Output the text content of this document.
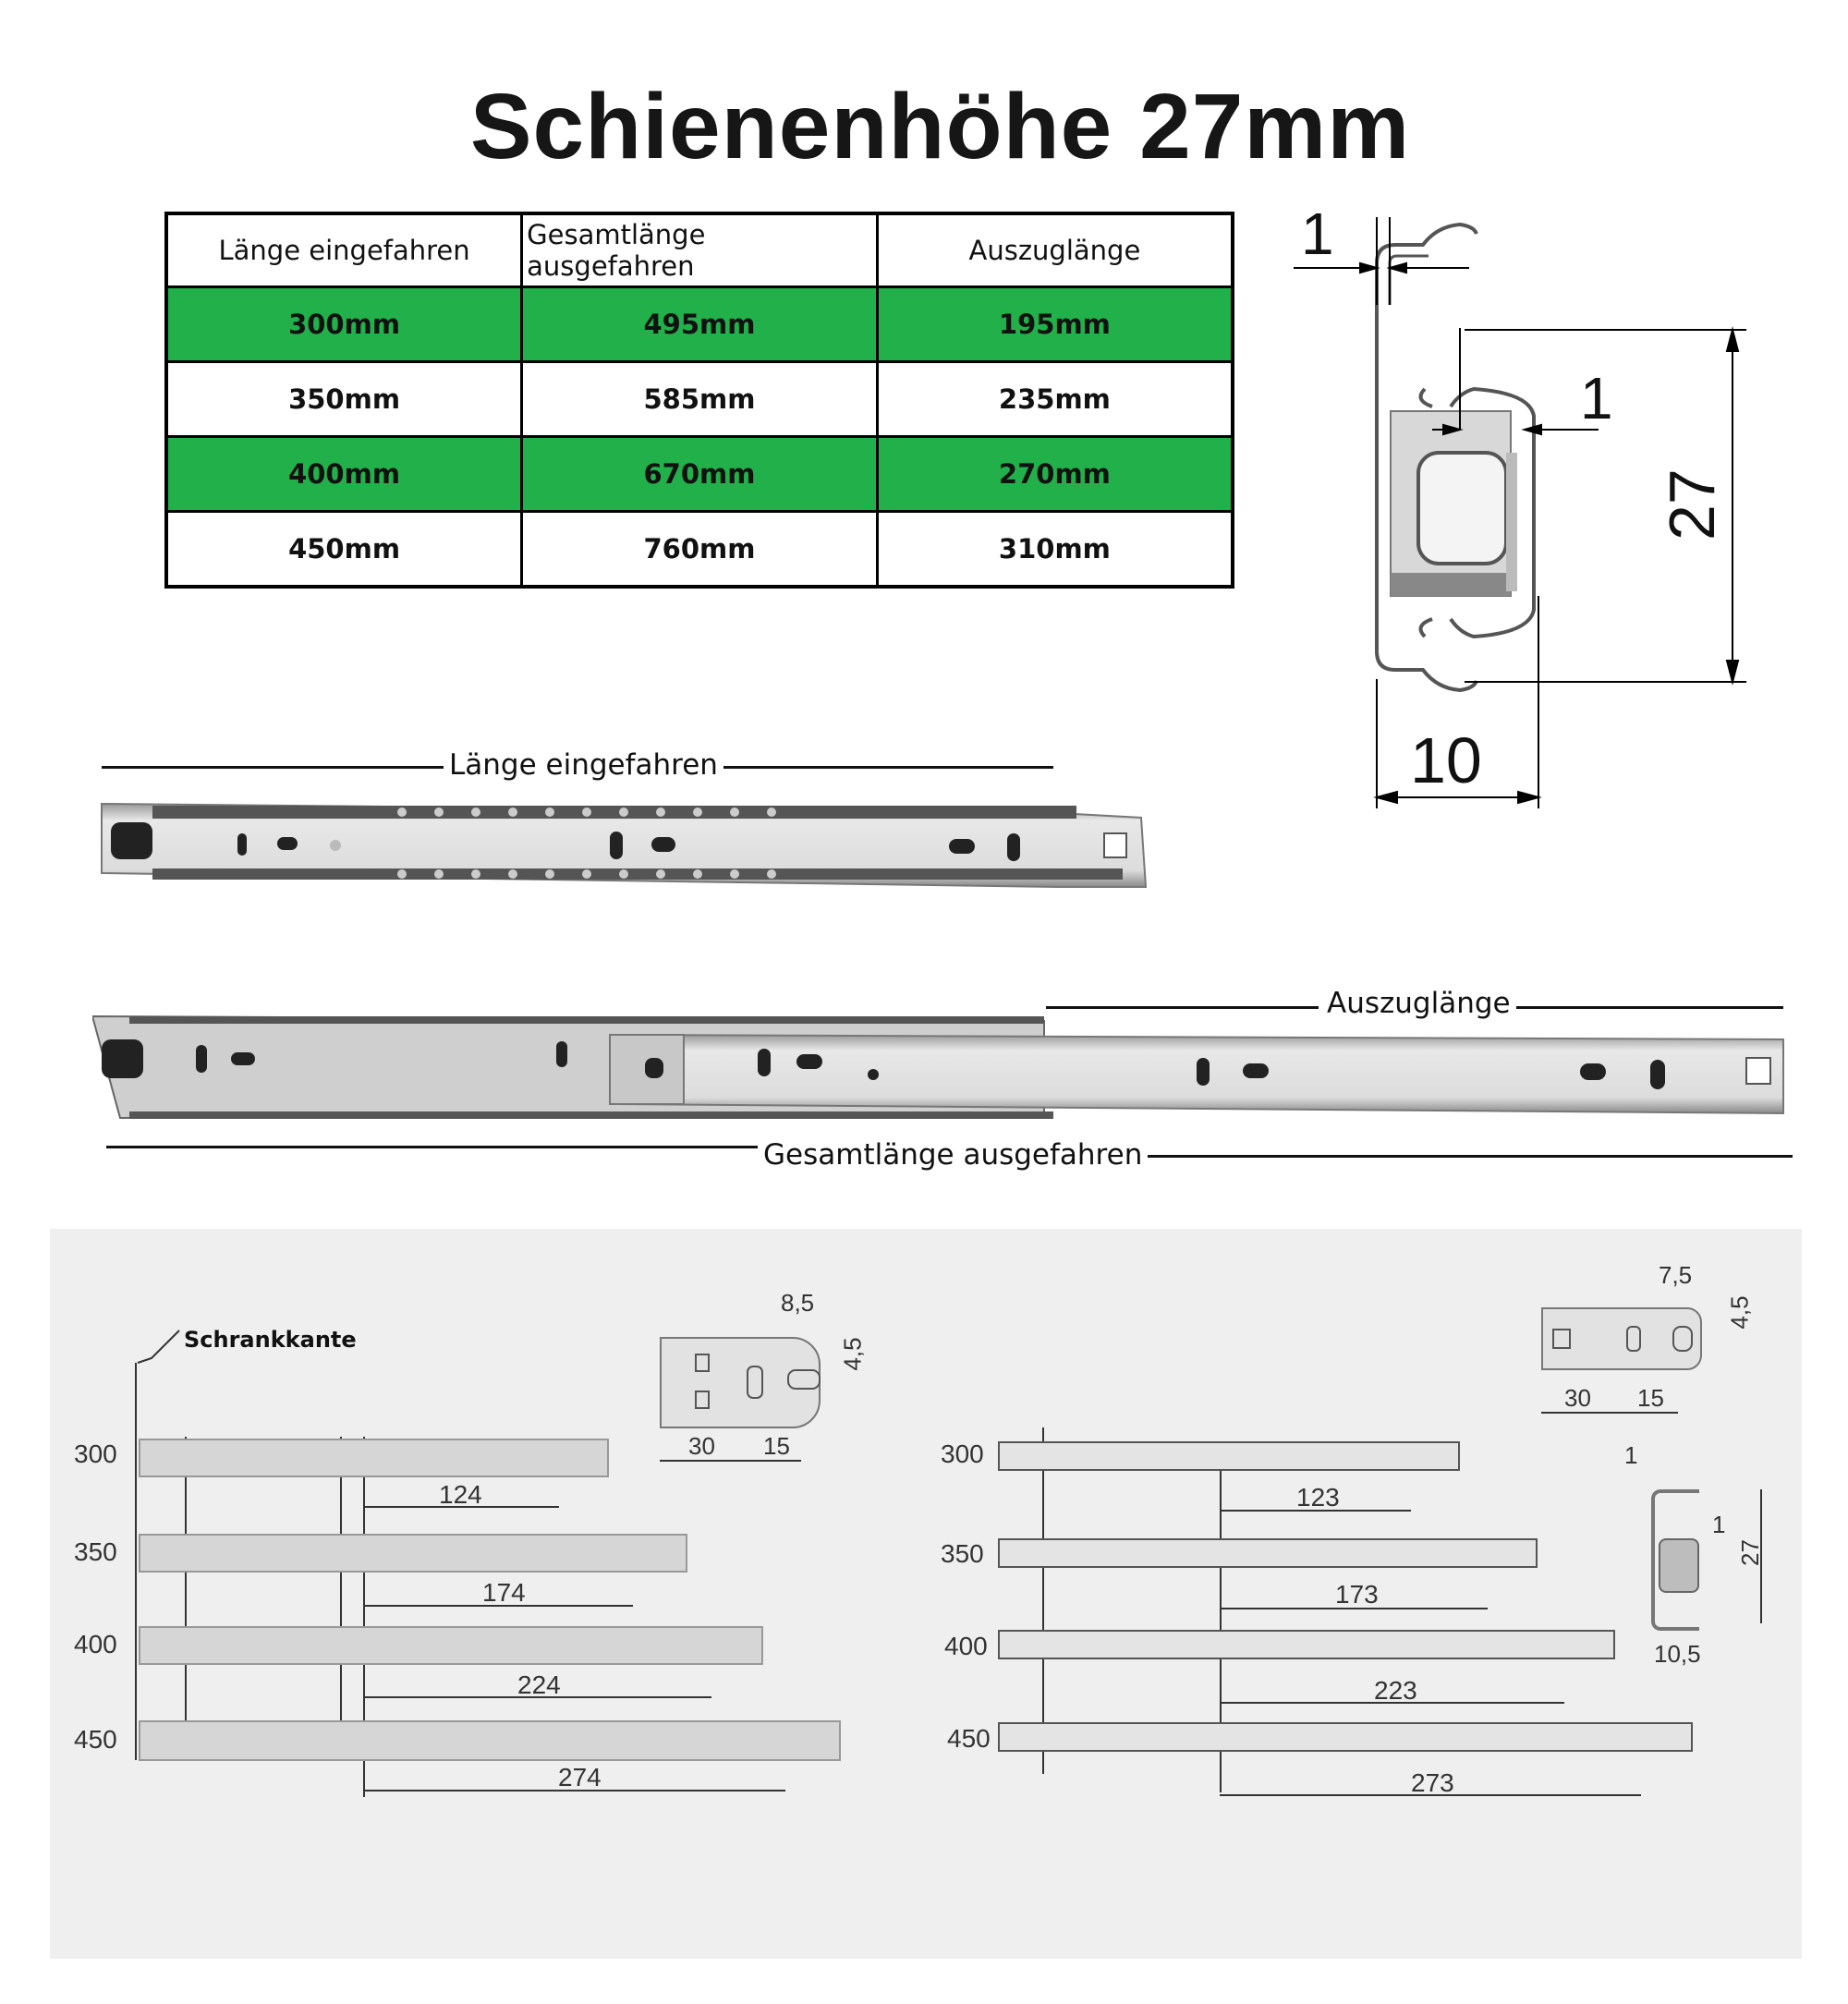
Schienenhöhe 27mm
Länge eingefahren	Gesamtlänge ausgefahren	Auszuglänge
300mm	495mm	195mm
350mm	585mm	235mm
400mm	670mm	270mm
450mm	760mm	310mm
1
1
27
10
Länge eingefahren
Auszuglänge
Gesamtlänge ausgefahren
Schrankkante
300
124
350
174
400
224
450
274
8,5
4,5
30 15	300
123
350
173
400
223
450
273
7,5
4,5
30 15
1
1
27
10,5
